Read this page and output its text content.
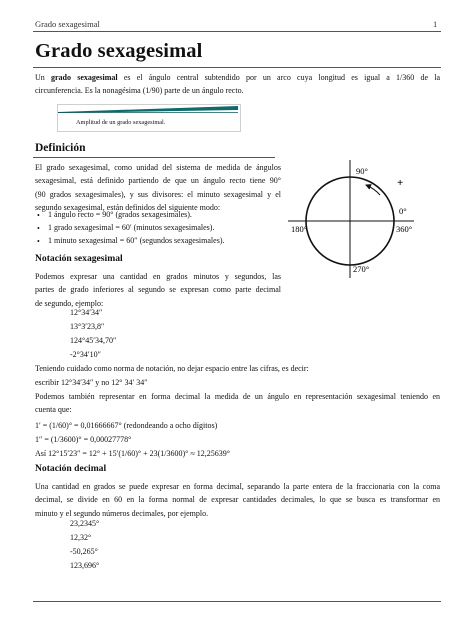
Grado sexagesimal	1
Grado sexagesimal
Un grado sexagesimal es el ángulo central subtendido por un arco cuya longitud es igual a 1/360 de la
circunferencia. Es la nonagésima (1/90) parte de un ángulo recto.
Amplitud de un grado sexagesimal.
Definición
El grado sexagesimal, como unidad del sistema de medida de ángulos
sexagesimal, está definido partiendo de que un ángulo recto tiene 90°
(90 grados sexagesimales), y sus divisores: el minuto sexagesimal y el
segundo sexagesimal, están definidos del siguiente modo:
• 1 ángulo recto = 90° (grados sexagesimales).
• 1 grado sexagesimal = 60′ (minutos sexagesimales).
• 1 minuto sexagesimal = 60″ (segundos sexagesimales).
90°
0°
360°
180°
270°
+
Notación sexagesimal
Podemos expresar una cantidad en grados minutos y segundos, las
partes de grado inferiores al segundo se expresan como parte decimal
de segundo, ejemplo:
12°34′34″
13°3′23,8″
124°45′34,70″
-2°34′10″
Teniendo cuidado como norma de notación, no dejar espacio entre las cifras, es decir:
escribir 12°34′34″ y no 12° 34′ 34″
Podemos también representar en forma decimal la medida de un ángulo en representación sexagesimal teniendo en
cuenta que:
1′ = (1/60)° = 0,01666667° (redondeando a ocho dígitos)
1″ = (1/3600)° = 0,00027778°
Así 12°15′23″ = 12° + 15′(1/60)° + 23(1/3600)° ≈ 12,25639°
Notación decimal
Una cantidad en grados se puede expresar en forma decimal, separando la parte entera de la fraccionaria con la coma
decimal, se divide en 60 en la forma normal de expresar cantidades decimales, lo que se busca es transformar en
minuto y el segundo números decimales, por ejemplo.
23,2345°
12,32°
-50,265°
123,696°
